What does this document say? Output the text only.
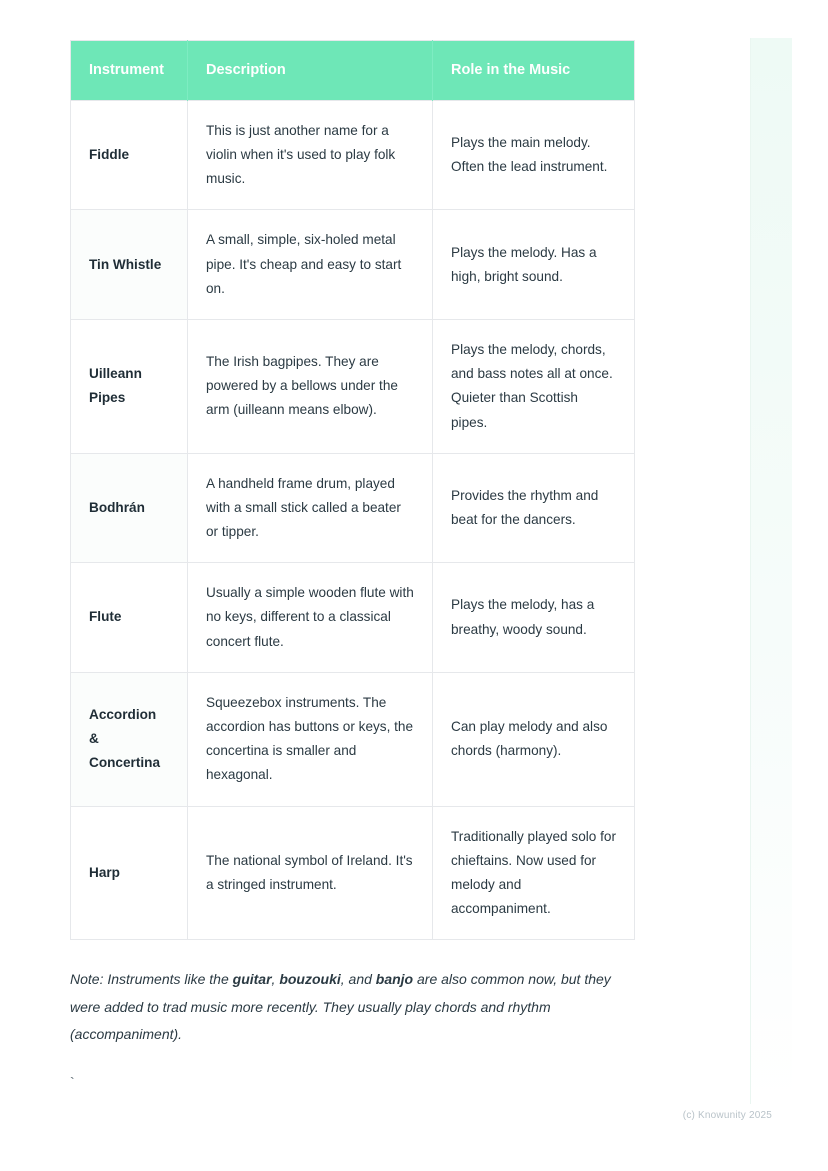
Instrument	Description	Role in the Music
Fiddle	This is just another name for a violin when it's used to play folk music.	Plays the main melody. Often the lead instrument.
Tin Whistle	A small, simple, six-holed metal pipe. It's cheap and easy to start on.	Plays the melody. Has a high, bright sound.
Uilleann Pipes	The Irish bagpipes. They are powered by a bellows under the arm (uilleann means elbow).	Plays the melody, chords, and bass notes all at once. Quieter than Scottish pipes.
Bodhrán	A handheld frame drum, played with a small stick called a beater or tipper.	Provides the rhythm and beat for the dancers.
Flute	Usually a simple wooden flute with no keys, different to a classical concert flute.	Plays the melody, has a breathy, woody sound.
Accordion & Concertina	Squeezebox instruments. The accordion has buttons or keys, the concertina is smaller and hexagonal.	Can play melody and also chords (harmony).
Harp	The national symbol of Ireland. It's a stringed instrument.	Traditionally played solo for chieftains. Now used for melody and accompaniment.

Note: Instruments like the guitar, bouzouki, and banjo are also common now, but they were added to trad music more recently. They usually play chords and rhythm (accompaniment).

`
(c) Knowunity 2025
